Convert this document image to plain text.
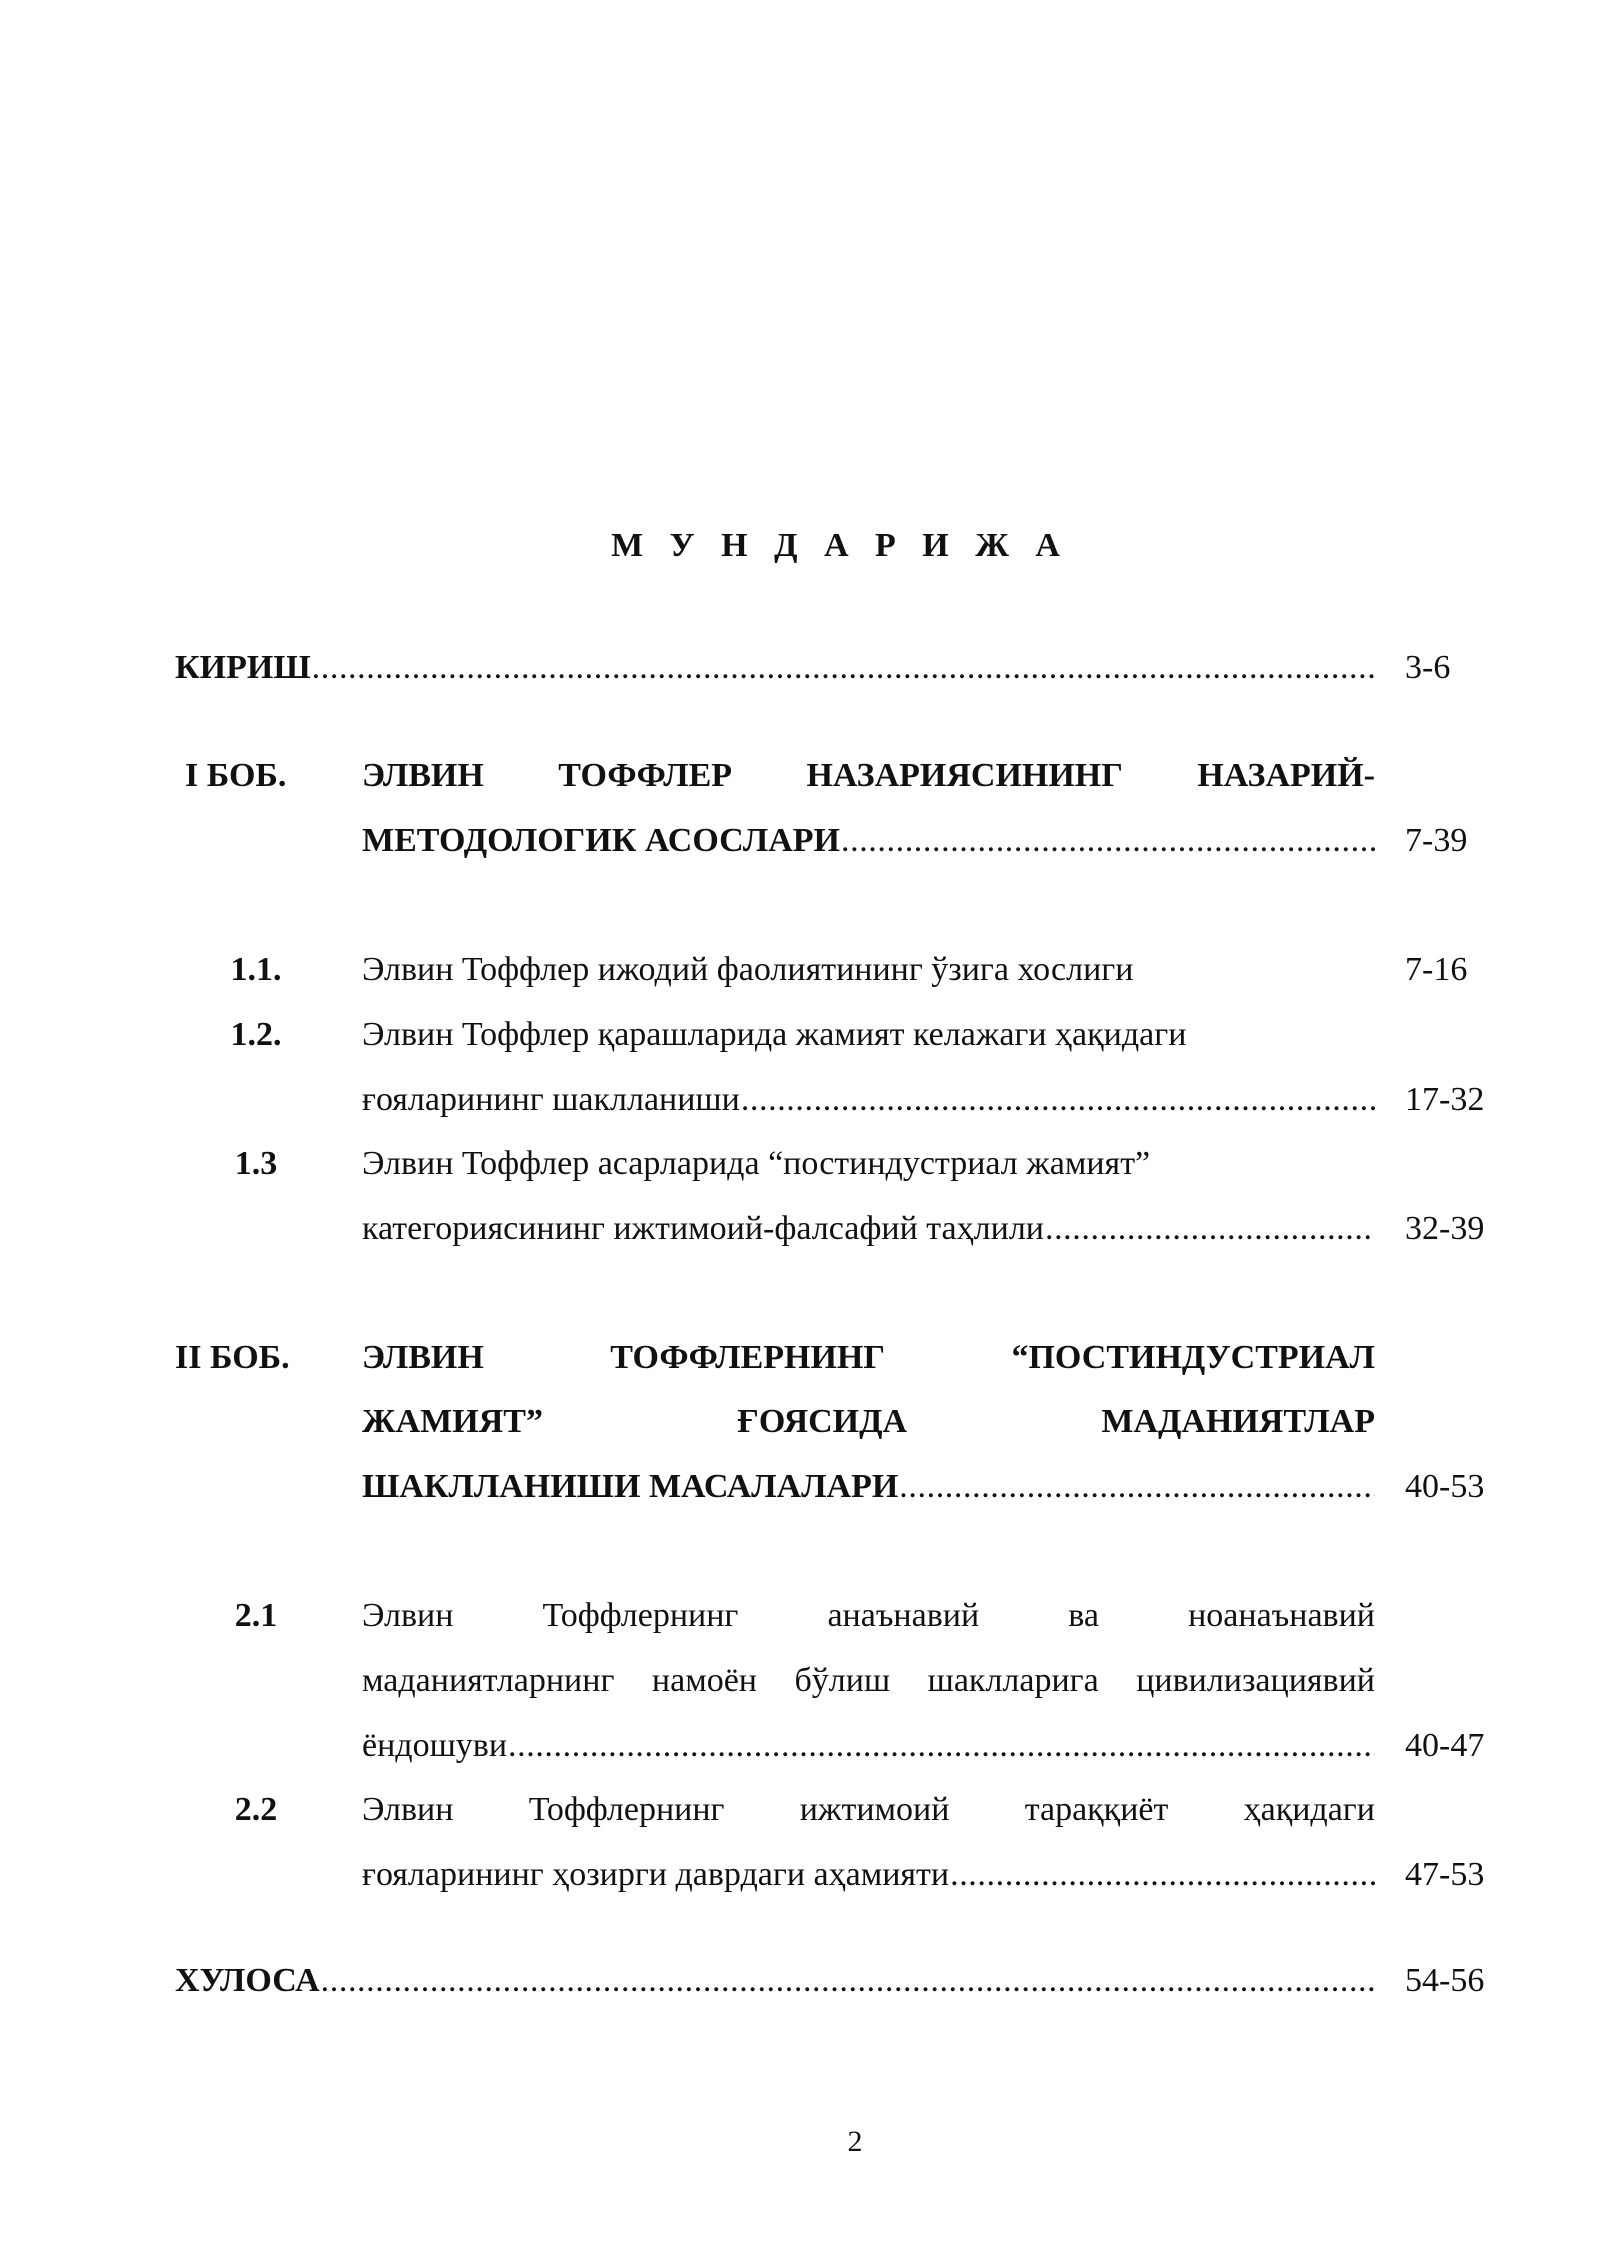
М У Н Д А Р И Ж А
КИРИШ .....	3-6
I БОБ. ЭЛВИН ТОФФЛЕР НАЗАРИЯСИНИНГ НАЗАРИЙ-
МЕТОДОЛОГИК АСОСЛАРИ .....	7-39
1.1.	Элвин Тоффлер ижодий фаолиятининг ўзига хослиги	7-16
1.2.	Элвин Тоффлер қарашларида жамият келажаги ҳақидаги
ғояларининг шаклланиши .....	17-32
1.3	Элвин Тоффлер асарларида “постиндустриал жамият”
категориясининг ижтимоий-фалсафий таҳлили .....	32-39
II БОБ. ЭЛВИН	ТОФФЛЕРНИНГ	“ПОСТИНДУСТРИАЛ
ЖАМИЯТ”	ҒОЯСИДА	МАДАНИЯТЛАР
ШАКЛЛАНИШИ МАСАЛАЛАРИ .....	40-53
2.1	Элвин	Тоффлернинг	анаънавий	ва	ноанаънавий
маданиятларнинг намоён бўлиш шаклларига цивилизациявий
ёндошуви .....	40-47
2.2	Элвин Тоффлернинг ижтимоий тараққиёт ҳақидаги
ғояларининг ҳозирги даврдаги аҳамияти .....	47-53
ХУЛОСА .....	54-56
2
